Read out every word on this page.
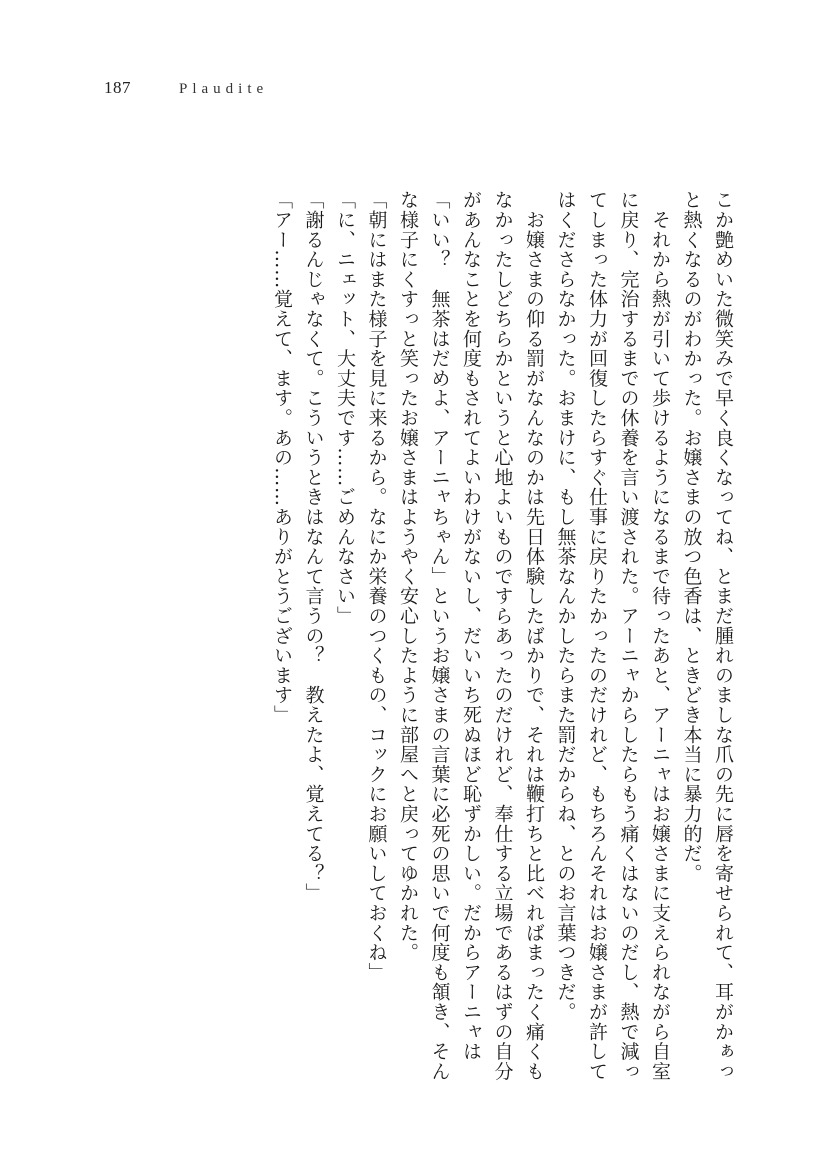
187	Plaudite

こか艶めいた微笑みで早く良くなってね、とまだ腫れのましな爪の先に唇を寄せられて、耳がかぁっと熱くなるのがわかった。お嬢さまの放つ色香は、ときどき本当に暴力的だ。

　それから熱が引いて歩けるようになるまで待ったあと、アーニャはお嬢さまに支えられながら自室に戻り、完治するまでの休養を言い渡された。アーニャからしたらもう痛くはないのだし、熱で減ってしまった体力が回復したらすぐ仕事に戻りたかったのだけれど、もちろんそれはお嬢さまが許してはくださらなかった。おまけに、もし無茶なんかしたらまた罰だからね、とのお言葉つきだ。

　お嬢さまの仰る罰がなんなのかは先日体験したばかりで、それは鞭打ちと比べればまったく痛くもなかったしどちらかというと心地よいものですらあったのだけれど、奉仕する立場であるはずの自分があんなことを何度もされてよいわけがないし、だいいち死ぬほど恥ずかしい。だからアーニャは「いい？　無茶はだめよ、アーニャちゃん」というお嬢さまの言葉に必死の思いで何度も頷き、そんな様子にくすっと笑ったお嬢さまはようやく安心したように部屋へと戻ってゆかれた。

「朝にはまた様子を見に来るから。なにか栄養のつくもの、コックにお願いしておくね」

「に、ニェット、大丈夫です……ごめんなさい」

「謝るんじゃなくて。こういうときはなんて言うの？　教えたよ、覚えてる？」

「アー……覚えて、ます。あの……ありがとうございます」
